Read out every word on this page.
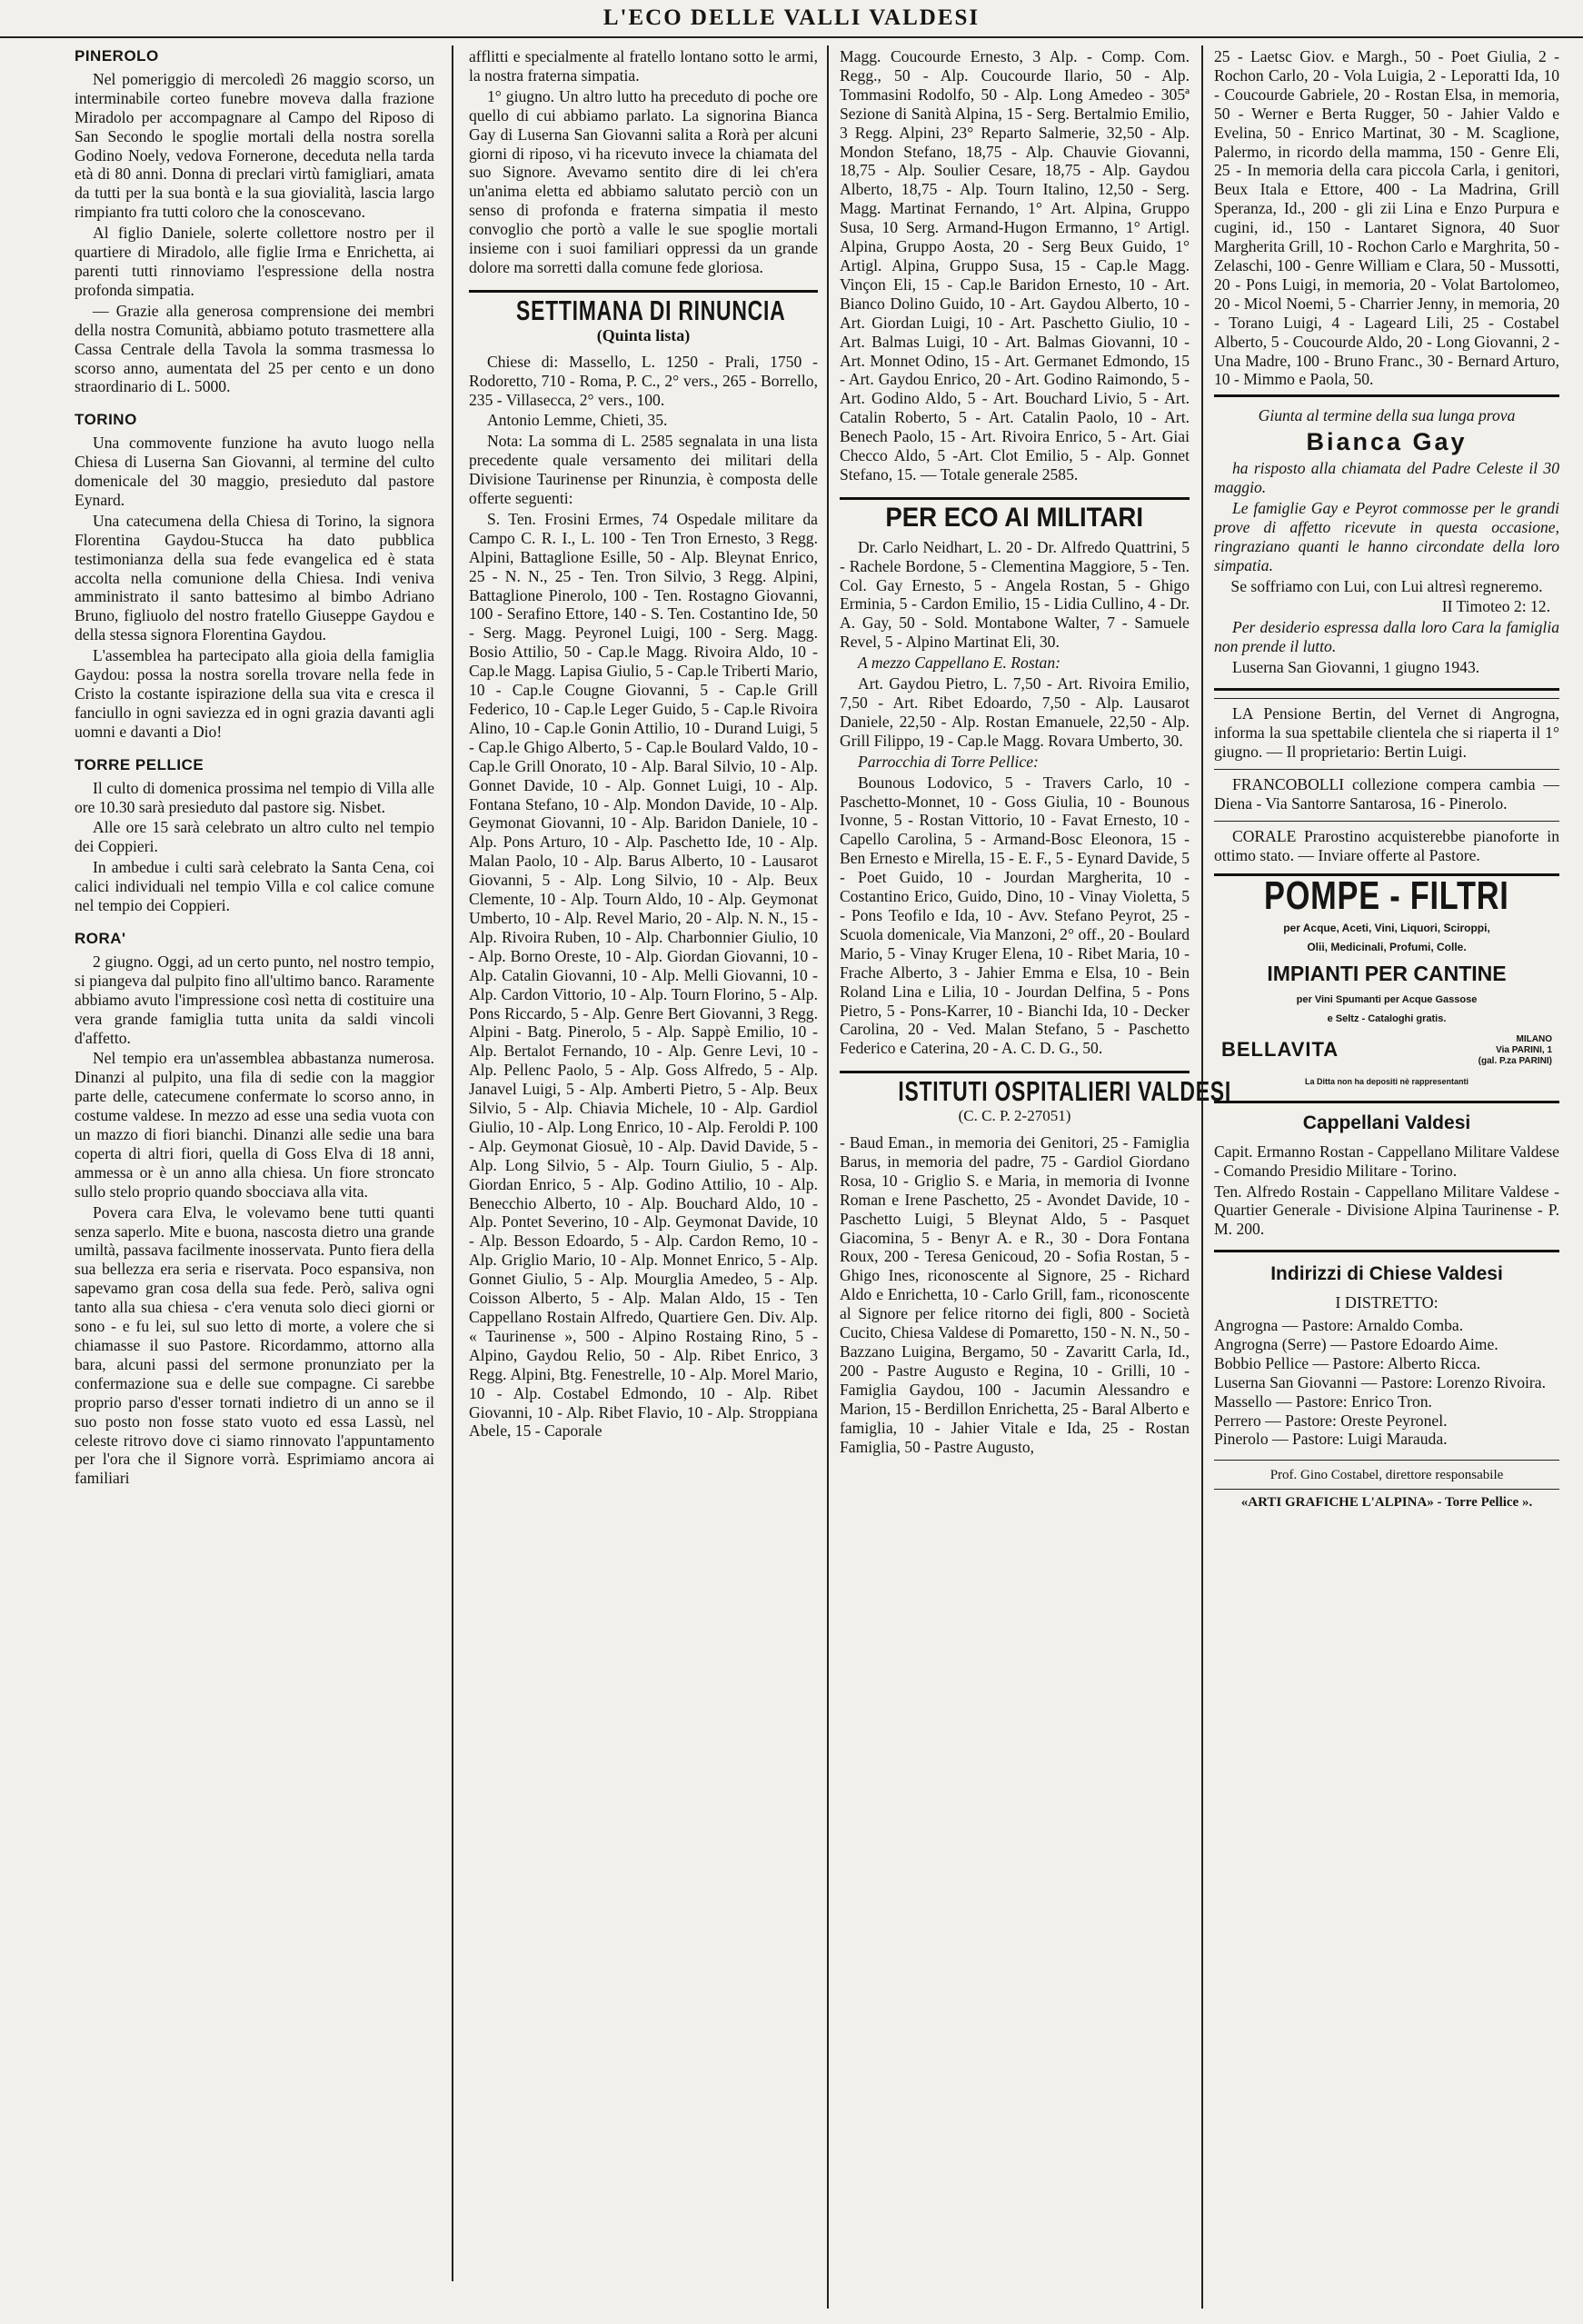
L'ECO DELLE VALLI VALDESI
PINEROLO

Nel pomeriggio di mercoledì 26 maggio scorso, un interminabile corteo funebre moveva dalla frazione Miradolo per accompagnare al Campo del Riposo di San Secondo le spoglie mortali della nostra sorella Godino Noely, vedova Fornerone, deceduta nella tarda età di 80 anni. Donna di preclari virtù famigliari, amata da tutti per la sua bontà e la sua giovialità, lascia largo rimpianto fra tutti coloro che la conoscevano.

Al figlio Daniele, solerte collettore nostro per il quartiere di Miradolo, alle figlie Irma e Enrichetta, ai parenti tutti rinnoviamo l'espressione della nostra profonda simpatia.

— Grazie alla generosa comprensione dei membri della nostra Comunità, abbiamo potuto trasmettere alla Cassa Centrale della Tavola la somma trasmessa lo scorso anno, aumentata del 25 per cento e un dono straordinario di L. 5000.

TORINO

Una commovente funzione ha avuto luogo nella Chiesa di Luserna San Giovanni, al termine del culto domenicale del 30 maggio, presieduto dal pastore Eynard.

Una catecumena della Chiesa di Torino, la signora Florentina Gaydou-Stucca ha dato pubblica testimonianza della sua fede evangelica ed è stata accolta nella comunione della Chiesa. Indi veniva amministrato il santo battesimo al bimbo Adriano Bruno, figliuolo del nostro fratello Giuseppe Gaydou e della stessa signora Florentina Gaydou.

L'assemblea ha partecipato alla gioia della famiglia Gaydou: possa la nostra sorella trovare nella fede in Cristo la costante ispirazione della sua vita e cresca il fanciullo in ogni saviezza ed in ogni grazia davanti agli uomni e davanti a Dio!

TORRE PELLICE

Il culto di domenica prossima nel tempio di Villa alle ore 10.30 sarà presieduto dal pastore sig. Nisbet.

Alle ore 15 sarà celebrato un altro culto nel tempio dei Coppieri.

In ambedue i culti sarà celebrato la Santa Cena, coi calici individuali nel tempio Villa e col calice comune nel tempio dei Coppieri.

RORA'

2 giugno. Oggi, ad un certo punto, nel nostro tempio, si piangeva dal pulpito fino all'ultimo banco. Raramente abbiamo avuto l'impressione così netta di costituire una vera grande famiglia tutta unita da saldi vincoli d'affetto.

Nel tempio era un'assemblea abbastanza numerosa. Dinanzi al pulpito, una fila di sedie con la maggior parte delle, catecumene confermate lo scorso anno, in costume valdese. In mezzo ad esse una sedia vuota con un mazzo di fiori bianchi. Dinanzi alle sedie una bara coperta di altri fiori, quella di Goss Elva di 18 anni, ammessa or è un anno alla chiesa. Un fiore stroncato sullo stelo proprio quando sbocciava alla vita.

Povera cara Elva, le volevamo bene tutti quanti senza saperlo. Mite e buona, nascosta dietro una grande umiltà, passava facilmente inosservata. Punto fiera della sua bellezza era seria e riservata. Poco espansiva, non sapevamo gran cosa della sua fede. Però, saliva ogni tanto alla sua chiesa - c'era venuta solo dieci giorni or sono - e fu lei, sul suo letto di morte, a volere che si chiamasse il suo Pastore. Ricordammo, attorno alla bara, alcuni passi del sermone pronunziato per la confermazione sua e delle sue compagne. Ci sarebbe proprio parso d'esser tornati indietro di un anno se il suo posto non fosse stato vuoto ed essa Lassù, nel celeste ritrovo dove ci siamo rinnovato l'appuntamento per l'ora che il Signore vorrà. Esprimiamo ancora ai familiari

afflitti e specialmente al fratello lontano sotto le armi, la nostra fraterna simpatia.

1° giugno. Un altro lutto ha preceduto di poche ore quello di cui abbiamo parlato. La signorina Bianca Gay di Luserna San Giovanni salita a Rorà per alcuni giorni di riposo, vi ha ricevuto invece la chiamata del suo Signore. Avevamo sentito dire di lei ch'era un'anima eletta ed abbiamo salutato perciò con un senso di profonda e fraterna simpatia il mesto convoglio che portò a valle le sue spoglie mortali insieme con i suoi familiari oppressi da un grande dolore ma sorretti dalla comune fede gloriosa.

SETTIMANA DI RINUNCIA
(Quinta lista)

Chiese di: Massello, L. 1250 - Prali, 1750 - Rodoretto, 710 - Roma, P. C., 2° vers., 265 - Borrello, 235 - Villasecca, 2° vers., 100.

Antonio Lemme, Chieti, 35.

Nota: La somma di L. 2585 segnalata in una lista precedente quale versamento dei militari della Divisione Taurinense per Rinunzia, è composta delle offerte seguenti:

S. Ten. Frosini Ermes, 74 Ospedale militare da Campo C. R. I., L. 100 - Ten Tron Ernesto, 3 Regg. Alpini, Battaglione Esille, 50 - Alp. Bleynat Enrico, 25 - N. N., 25 - Ten. Tron Silvio, 3 Regg. Alpini, Battaglione Pinerolo, 100 - Ten. Rostagno Giovanni, 100 - Serafino Ettore, 140 - S. Ten. Costantino Ide, 50 - Serg. Magg. Peyronel Luigi, 100 - Serg. Magg. Bosio Attilio, 50 - Cap.le Magg. Rivoira Aldo, 10 - Cap.le Magg. Lapisa Giulio, 5 - Cap.le Triberti Mario, 10 - Cap.le Cougne Giovanni, 5 - Cap.le Grill Federico, 10 - Cap.le Leger Guido, 5 - Cap.le Rivoira Alino, 10 - Cap.le Gonin Attilio, 10 - Durand Luigi, 5 - Cap.le Ghigo Alberto, 5 - Cap.le Boulard Valdo, 10 - Cap.le Grill Onorato, 10 - Alp. Baral Silvio, 10 - Alp. Gonnet Davide, 10 - Alp. Gonnet Luigi, 10 - Alp. Fontana Stefano, 10 - Alp. Mondon Davide, 10 - Alp. Geymonat Giovanni, 10 - Alp. Baridon Daniele, 10 - Alp. Pons Arturo, 10 - Alp. Paschetto Ide, 10 - Alp. Malan Paolo, 10 - Alp. Barus Alberto, 10 - Lausarot Giovanni, 5 - Alp. Long Silvio, 10 - Alp. Beux Clemente, 10 - Alp. Tourn Aldo, 10 - Alp. Geymonat Umberto, 10 - Alp. Revel Mario, 20 - Alp. N. N., 15 - Alp. Rivoira Ruben, 10 - Alp. Charbonnier Giulio, 10 - Alp. Borno Oreste, 10 - Alp. Giordan Giovanni, 10 - Alp. Catalin Giovanni, 10 - Alp. Melli Giovanni, 10 - Alp. Cardon Vittorio, 10 - Alp. Tourn Florino, 5 - Alp. Pons Riccardo, 5 - Alp. Genre Bert Giovanni, 3 Regg. Alpini - Batg. Pinerolo, 5 - Alp. Sappè Emilio, 10 - Alp. Bertalot Fernando, 10 - Alp. Genre Levi, 10 - Alp. Pellenc Paolo, 5 - Alp. Goss Alfredo, 5 - Alp. Janavel Luigi, 5 - Alp. Amberti Pietro, 5 - Alp. Beux Silvio, 5 - Alp. Chiavia Michele, 10 - Alp. Gardiol Giulio, 10 - Alp. Long Enrico, 10 - Alp. Feroldi P. 100 - Alp. Geymonat Giosuè, 10 - Alp. David Davide, 5 - Alp. Long Silvio, 5 - Alp. Tourn Giulio, 5 - Alp. Giordan Enrico, 5 - Alp. Godino Attilio, 10 - Alp. Benecchio Alberto, 10 - Alp. Bouchard Aldo, 10 - Alp. Pontet Severino, 10 - Alp. Geymonat Davide, 10 - Alp. Besson Edoardo, 5 - Alp. Cardon Remo, 10 - Alp. Griglio Mario, 10 - Alp. Monnet Enrico, 5 - Alp. Gonnet Giulio, 5 - Alp. Mourglia Amedeo, 5 - Alp. Coisson Alberto, 5 - Alp. Malan Aldo, 15 - Ten Cappellano Rostain Alfredo, Quartiere Gen. Div. Alp. « Taurinense », 500 - Alpino Rostaing Rino, 5 - Alpino, Gaydou Relio, 50 - Alp. Ribet Enrico, 3 Regg. Alpini, Btg. Fenestrelle, 10 - Alp. Morel Mario, 10 - Alp. Costabel Edmondo, 10 - Alp. Ribet Giovanni, 10 - Alp. Ribet Flavio, 10 - Alp. Stroppiana Abele, 15 - Caporale

Magg. Coucourde Ernesto, 3 Alp. - Comp. Com. Regg., 50 - Alp. Coucourde Ilario, 50 - Alp. Tommasini Rodolfo, 50 - Alp. Long Amedeo - 305ª Sezione di Sanità Alpina, 15 - Serg. Bertalmio Emilio, 3 Regg. Alpini, 23° Reparto Salmerie, 32,50 - Alp. Mondon Stefano, 18,75 - Alp. Chauvie Giovanni, 18,75 - Alp. Soulier Cesare, 18,75 - Alp. Gaydou Alberto, 18,75 - Alp. Tourn Italino, 12,50 - Serg. Magg. Martinat Fernando, 1° Art. Alpina, Gruppo Susa, 10 Serg. Armand-Hugon Ermanno, 1° Artigl. Alpina, Gruppo Aosta, 20 - Serg Beux Guido, 1° Artigl. Alpina, Gruppo Susa, 15 - Cap.le Magg. Vinçon Eli, 15 - Cap.le Baridon Ernesto, 10 - Art. Bianco Dolino Guido, 10 - Art. Gaydou Alberto, 10 - Art. Giordan Luigi, 10 - Art. Paschetto Giulio, 10 - Art. Balmas Luigi, 10 - Art. Balmas Giovanni, 10 - Art. Monnet Odino, 15 - Art. Germanet Edmondo, 15 - Art. Gaydou Enrico, 20 - Art. Godino Raimondo, 5 - Art. Godino Aldo, 5 - Art. Bouchard Livio, 5 - Art. Catalin Roberto, 5 - Art. Catalin Paolo, 10 - Art. Benech Paolo, 15 - Art. Rivoira Enrico, 5 - Art. Giai Checco Aldo, 5 -Art. Clot Emilio, 5 - Alp. Gonnet Stefano, 15. — Totale generale 2585.

PER ECO AI MILITARI

Dr. Carlo Neidhart, L. 20 - Dr. Alfredo Quattrini, 5 - Rachele Bordone, 5 - Clementina Maggiore, 5 - Ten. Col. Gay Ernesto, 5 - Angela Rostan, 5 - Ghigo Erminia, 5 - Cardon Emilio, 15 - Lidia Cullino, 4 - Dr. A. Gay, 50 - Sold. Montabone Walter, 7 - Samuele Revel, 5 - Alpino Martinat Eli, 30.

A mezzo Cappellano E. Rostan:

Art. Gaydou Pietro, L. 7,50 - Art. Rivoira Emilio, 7,50 - Art. Ribet Edoardo, 7,50 - Alp. Lausarot Daniele, 22,50 - Alp. Rostan Emanuele, 22,50 - Alp. Grill Filippo, 19 - Cap.le Magg. Rovara Umberto, 30.

Parrocchia di Torre Pellice:

Bounous Lodovico, 5 - Travers Carlo, 10 - Paschetto-Monnet, 10 - Goss Giulia, 10 - Bounous Ivonne, 5 - Rostan Vittorio, 10 - Favat Ernesto, 10 - Capello Carolina, 5 - Armand-Bosc Eleonora, 15 - Ben Ernesto e Mirella, 15 - E. F., 5 - Eynard Davide, 5 - Poet Guido, 10 - Jourdan Margherita, 10 - Costantino Erico, Guido, Dino, 10 - Vinay Violetta, 5 - Pons Teofilo e Ida, 10 - Avv. Stefano Peyrot, 25 - Scuola domenicale, Via Manzoni, 2° off., 20 - Boulard Mario, 5 - Vinay Kruger Elena, 10 - Ribet Maria, 10 - Frache Alberto, 3 - Jahier Emma e Elsa, 10 - Bein Roland Lina e Lilia, 10 - Jourdan Delfina, 5 - Pons Pietro, 5 - Pons-Karrer, 10 - Bianchi Ida, 10 - Decker Carolina, 20 - Ved. Malan Stefano, 5 - Paschetto Federico e Caterina, 20 - A. C. D. G., 50.

ISTITUTI OSPITALIERI VALDESI
(C. C. P. 2-27051)

- Baud Eman., in memoria dei Genitori, 25 - Famiglia Barus, in memoria del padre, 75 - Gardiol Giordano Rosa, 10 - Griglio S. e Maria, in memoria di Ivonne Roman e Irene Paschetto, 25 - Avondet Davide, 10 - Paschetto Luigi, 5 Bleynat Aldo, 5 - Pasquet Giacomina, 5 - Benyr A. e R., 30 - Dora Fontana Roux, 200 - Teresa Genicoud, 20 - Sofia Rostan, 5 - Ghigo Ines, riconoscente al Signore, 25 - Richard Aldo e Enrichetta, 10 - Carlo Grill, fam., riconoscente al Signore per felice ritorno dei figli, 800 - Società Cucito, Chiesa Valdese di Pomaretto, 150 - N. N., 50 - Bazzano Luigina, Bergamo, 50 - Zavaritt Carla, Id., 200 - Pastre Augusto e Regina, 10 - Grilli, 10 - Famiglia Gaydou, 100 - Jacumin Alessandro e Marion, 15 - Berdillon Enrichetta, 25 - Baral Alberto e famiglia, 10 - Jahier Vitale e Ida, 25 - Rostan Famiglia, 50 - Pastre Augusto,

25 - Laetsc Giov. e Margh., 50 - Poet Giulia, 2 - Rochon Carlo, 20 - Vola Luigia, 2 - Leporatti Ida, 10 - Coucourde Gabriele, 20 - Rostan Elsa, in memoria, 50 - Werner e Berta Rugger, 50 - Jahier Valdo e Evelina, 50 - Enrico Martinat, 30 - M. Scaglione, Palermo, in ricordo della mamma, 150 - Genre Eli, 25 - In memoria della cara piccola Carla, i genitori, Beux Itala e Ettore, 400 - La Madrina, Grill Speranza, Id., 200 - gli zii Lina e Enzo Purpura e cugini, id., 150 - Lantaret Signora, 40 Suor Margherita Grill, 10 - Rochon Carlo e Marghrita, 50 - Zelaschi, 100 - Genre William e Clara, 50 - Mussotti, 20 - Pons Luigi, in memoria, 20 - Volat Bartolomeo, 20 - Micol Noemi, 5 - Charrier Jenny, in memoria, 20 - Torano Luigi, 4 - Lageard Lili, 25 - Costabel Alberto, 5 - Coucourde Aldo, 20 - Long Giovanni, 2 - Una Madre, 100 - Bruno Franc., 30 - Bernard Arturo, 10 - Mimmo e Paola, 50.

Giunta al termine della sua lunga prova

Bianca Gay

ha risposto alla chiamata del Padre Celeste il 30 maggio.

Le famiglie Gay e Peyrot commosse per le grandi prove di affetto ricevute in questa occasione, ringraziano quanti le hanno circondate della loro simpatia.

Se soffriamo con Lui, con Lui altresì regneremo.

II Timoteo 2: 12.

Per desiderio espressa dalla loro Cara la famiglia non prende il lutto.

Luserna San Giovanni, 1 giugno 1943.

LA Pensione Bertin, del Vernet di Angrogna, informa la sua spettabile clientela che si riaperta il 1° giugno. — Il proprietario: Bertin Luigi.

FRANCOBOLLI collezione compera cambia — Diena - Via Santorre Santarosa, 16 - Pinerolo.

CORALE Prarostino acquisterebbe pianoforte in ottimo stato. — Inviare offerte al Pastore.

POMPE - FILTRI
per Acque, Aceti, Vini, Liquori, Sciroppi,
Olii, Medicinali, Profumi, Colle.
IMPIANTI PER CANTINE
per Vini Spumanti per Acque Gassose
e Seltz - Cataloghi gratis.
BELLAVITA	MILANO
Via PARINI, 1
(gal. P.za PARINI)
La Ditta non ha depositi nè rappresentanti
Cappellani Valdesi

Capit. Ermanno Rostan - Cappellano Militare Valdese - Comando Presidio Militare - Torino.

Ten. Alfredo Rostain - Cappellano Militare Valdese - Quartier Generale - Divisione Alpina Taurinense - P. M. 200.

Indirizzi di Chiese Valdesi
I DISTRETTO:

Angrogna — Pastore: Arnaldo Comba.

Angrogna (Serre) — Pastore Edoardo Aime.

Bobbio Pellice — Pastore: Alberto Ricca.

Luserna San Giovanni — Pastore: Lorenzo Rivoira.

Massello — Pastore: Enrico Tron.

Perrero — Pastore: Oreste Peyronel.

Pinerolo — Pastore: Luigi Marauda.

Prof. Gino Costabel, direttore responsabile
«ARTI GRAFICHE L'ALPINA» - Torre Pellice ».
